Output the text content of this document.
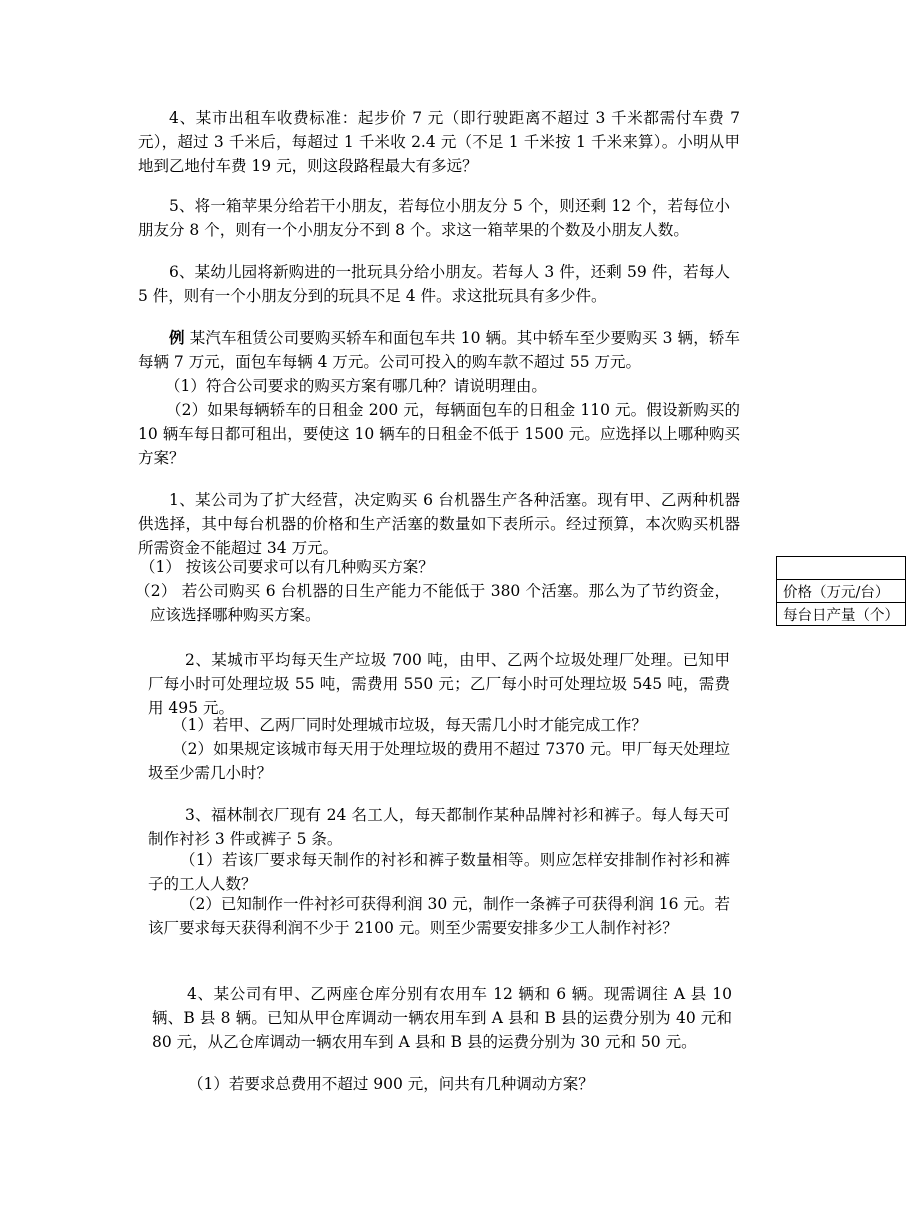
4、某市出租车收费标准：起步价 7 元（即行驶距离不超过 3 千米都需付车费 7 元），超过 3 千米后，每超过 1 千米收 2.4 元（不足 1 千米按 1 千米来算）。小明从甲地到乙地付车费 19 元，则这段路程最大有多远？

5、将一箱苹果分给若干小朋友，若每位小朋友分 5 个，则还剩 12 个，若每位小朋友分 8 个，则有一个小朋友分不到 8 个。求这一箱苹果的个数及小朋友人数。

6、某幼儿园将新购进的一批玩具分给小朋友。若每人 3 件，还剩 59 件，若每人 5 件，则有一个小朋友分到的玩具不足 4 件。求这批玩具有多少件。

例 某汽车租赁公司要购买轿车和面包车共 10 辆。其中轿车至少要购买 3 辆，轿车每辆 7 万元，面包车每辆 4 万元。公司可投入的购车款不超过 55 万元。

（1）符合公司要求的购买方案有哪几种？请说明理由。

（2）如果每辆轿车的日租金 200 元，每辆面包车的日租金 110 元。假设新购买的 10 辆车每日都可租出，要使这 10 辆车的日租金不低于 1500 元。应选择以上哪种购买方案？

1、某公司为了扩大经营，决定购买 6 台机器生产各种活塞。现有甲、乙两种机器供选择，其中每台机器的价格和生产活塞的数量如下表所示。经过预算，本次购买机器所需资金不能超过 34 万元。

（1） 按该公司要求可以有几种购买方案？

（2） 若公司购买 6 台机器的日生产能力不能低于 380 个活塞。那么为了节约资金，应该选择哪种购买方案。

价格（万元/台）
每台日产量（个）

2、某城市平均每天生产垃圾 700 吨，由甲、乙两个垃圾处理厂处理。已知甲厂每小时可处理垃圾 55 吨，需费用 550 元；乙厂每小时可处理垃圾 545 吨，需费用 495 元。

（1）若甲、乙两厂同时处理城市垃圾，每天需几小时才能完成工作？

（2）如果规定该城市每天用于处理垃圾的费用不超过 7370 元。甲厂每天处理垃圾至少需几小时？

3、福林制衣厂现有 24 名工人，每天都制作某种品牌衬衫和裤子。每人每天可制作衬衫 3 件或裤子 5 条。

（1）若该厂要求每天制作的衬衫和裤子数量相等。则应怎样安排制作衬衫和裤子的工人人数？

（2）已知制作一件衬衫可获得利润 30 元，制作一条裤子可获得利润 16 元。若该厂要求每天获得利润不少于 2100 元。则至少需要安排多少工人制作衬衫？

4、某公司有甲、乙两座仓库分别有农用车 12 辆和 6 辆。现需调往 A 县 10 辆、B 县 8 辆。已知从甲仓库调动一辆农用车到 A 县和 B 县的运费分别为 40 元和 80 元，从乙仓库调动一辆农用车到 A 县和 B 县的运费分别为 30 元和 50 元。

（1）若要求总费用不超过 900 元，问共有几种调动方案？
